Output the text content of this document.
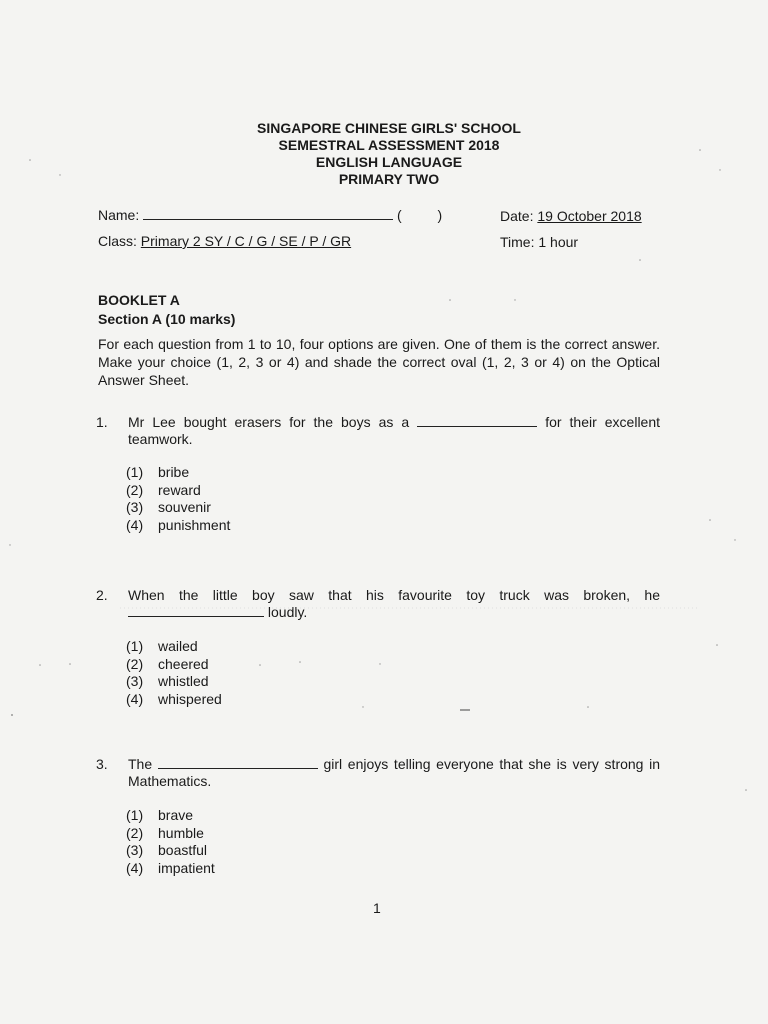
SINGAPORE CHINESE GIRLS' SCHOOL
SEMESTRAL ASSESSMENT 2018
ENGLISH LANGUAGE
PRIMARY TWO
Name:	(	)	Date: 19 October 2018
Class: Primary 2 SY / C / G / SE / P / GR	Time: 1 hour
BOOKLET A
Section A (10 marks)
For each question from 1 to 10, four options are given. One of them is the correct answer. Make your choice (1, 2, 3 or 4) and shade the correct oval (1, 2, 3 or 4) on the Optical Answer Sheet.
1. Mr Lee bought erasers for the boys as a	for their excellent teamwork.
(1) bribe
(2) reward
(3) souvenir
(4) punishment
2. When the little boy saw that his favourite toy truck was broken, he  loudly.
(1) wailed
(2) cheered
(3) whistled
(4) whispered
3. The	girl enjoys telling everyone that she is very strong in Mathematics.
(1) brave
(2) humble
(3) boastful
(4) impatient
1
